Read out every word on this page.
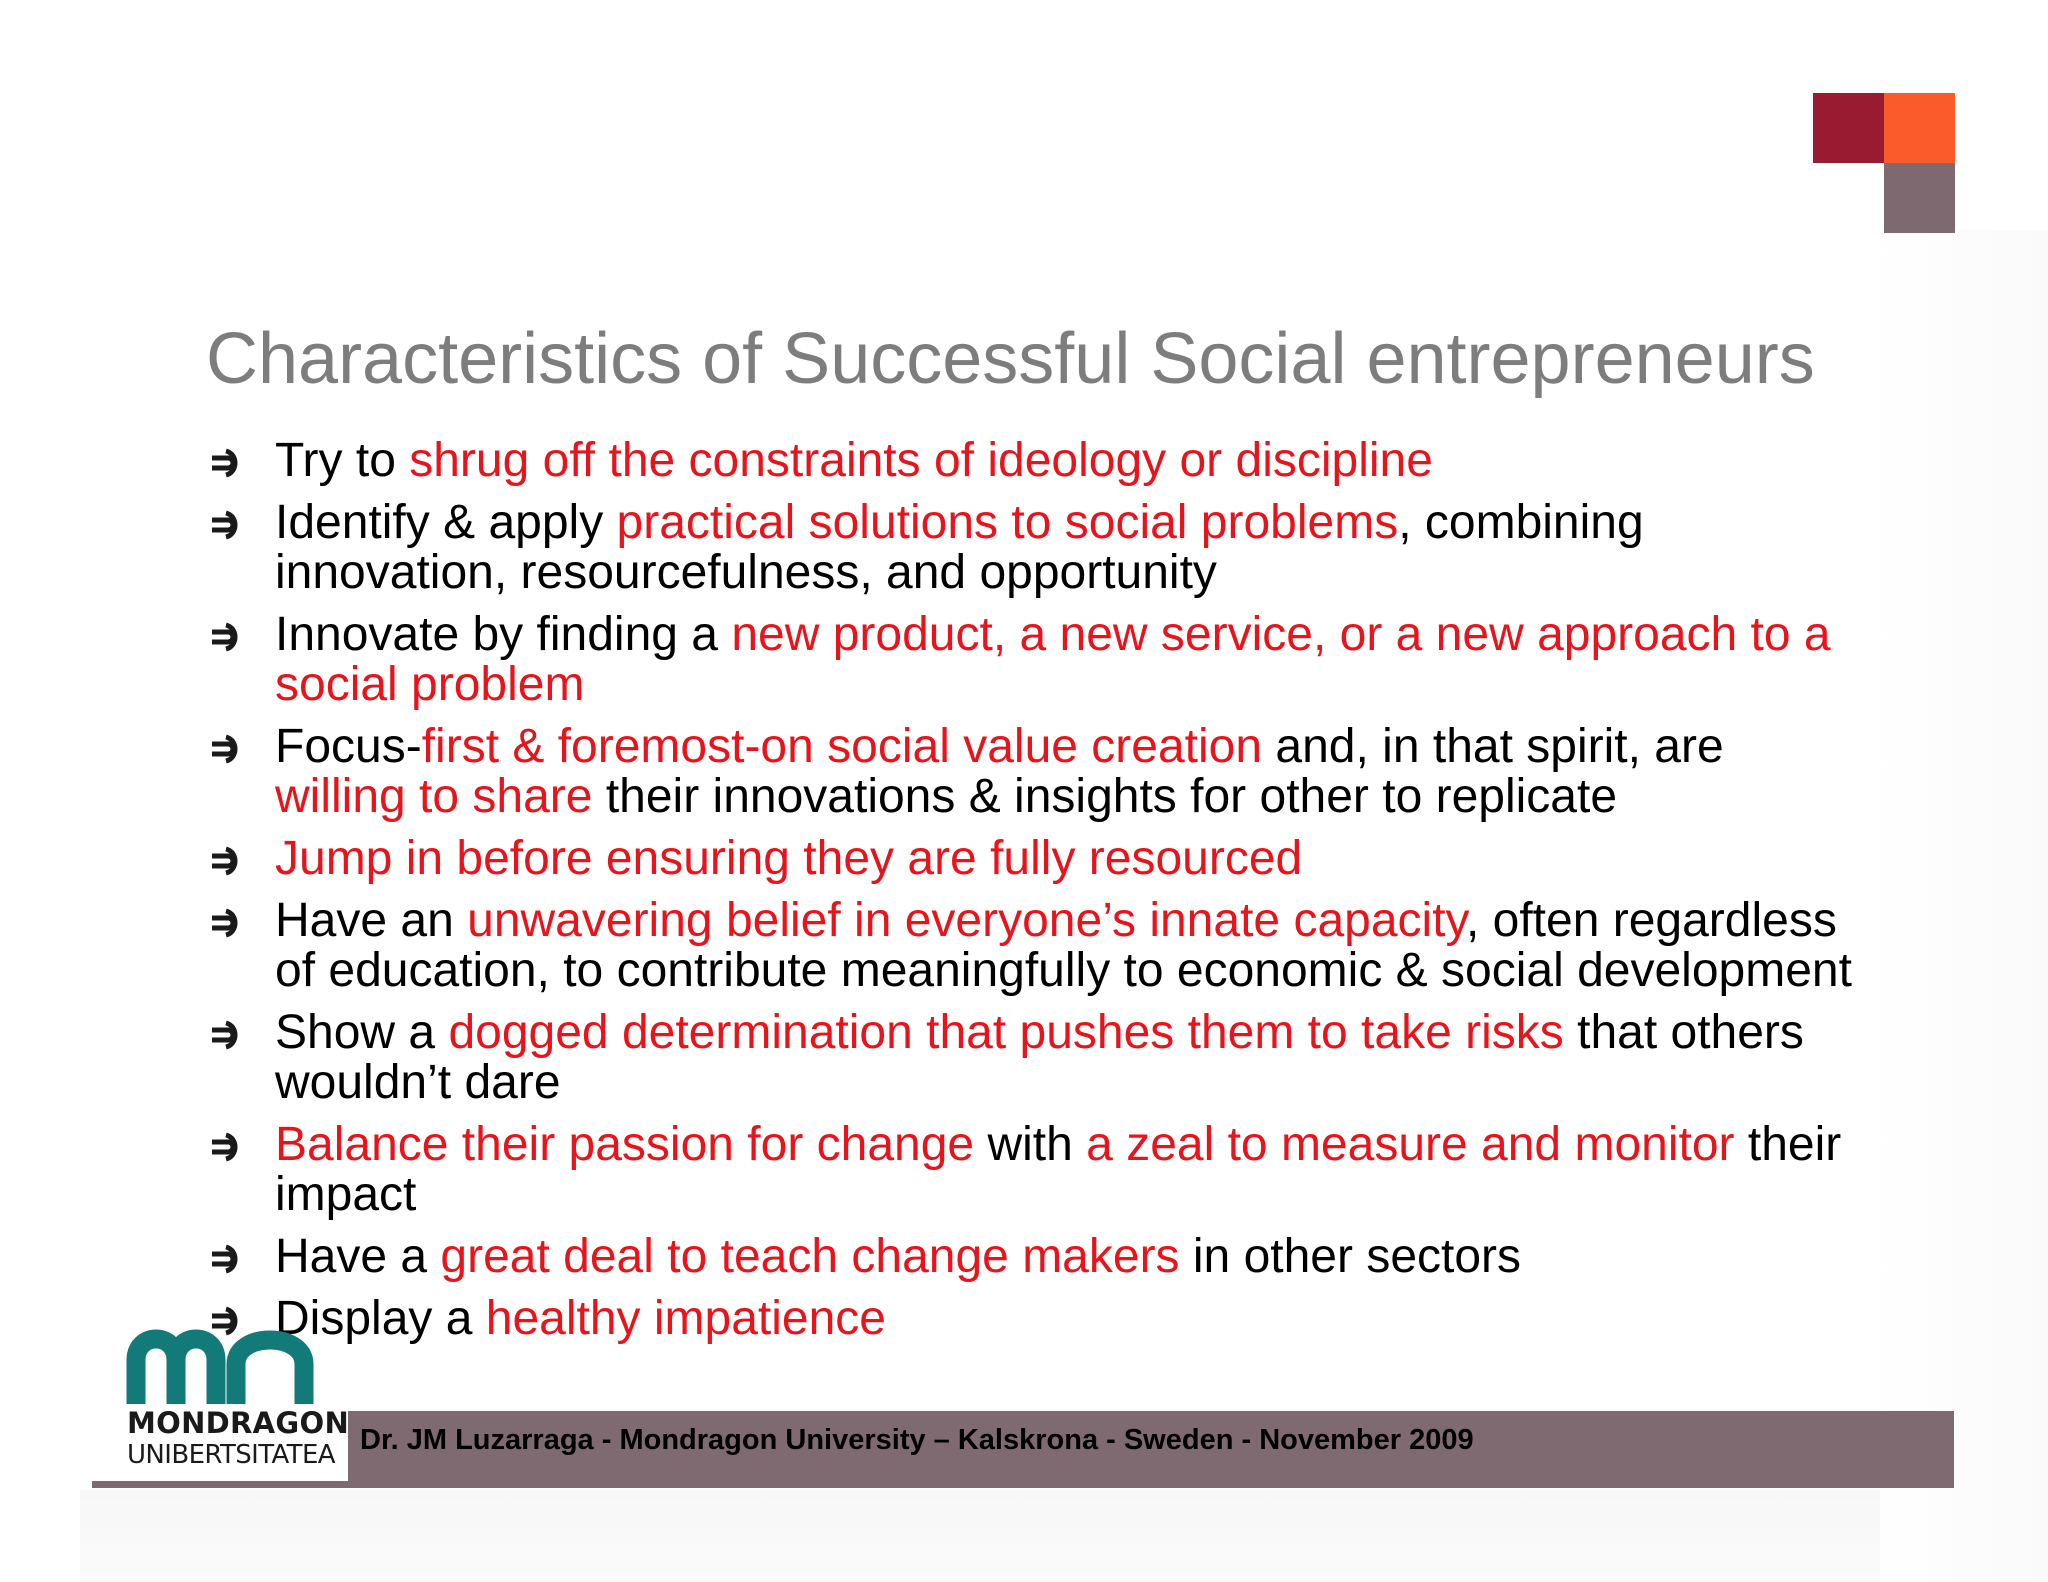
Characteristics of Successful Social entrepreneurs
Try to shrug off the constraints of ideology or discipline
Identify & apply practical solutions to social problems, combining innovation, resourcefulness, and opportunity
Innovate by finding a new product, a new service, or a new approach to a social problem
Focus-first & foremost-on social value creation and, in that spirit, are willing to share their innovations & insights for other to replicate
Jump in before ensuring they are fully resourced
Have an unwavering belief in everyone’s innate capacity, often regardless of education, to contribute meaningfully to economic & social development
Show a dogged determination that pushes them to take risks that others wouldn’t dare
Balance their passion for change with a zeal to measure and monitor their impact
Have a great deal to teach change makers in other sectors
Display a healthy impatience
Dr. JM Luzarraga - Mondragon University – Kalskrona - Sweden - November 2009
MONDRAGON
UNIBERTSITATEA
